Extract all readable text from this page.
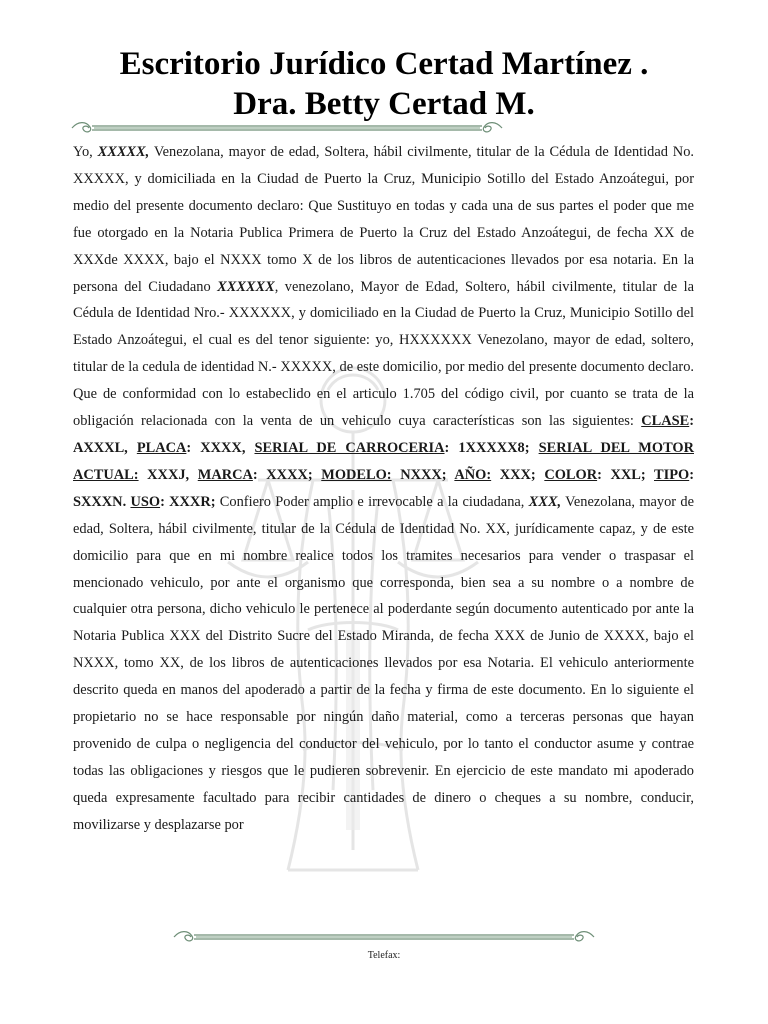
Escritorio Jurídico Certad Martínez .
Dra. Betty Certad M.
Yo, XXXXX, Venezolana, mayor de edad, Soltera, hábil civilmente, titular de la Cédula de Identidad No. XXXXX, y domiciliada en la Ciudad de Puerto la Cruz, Municipio Sotillo del Estado Anzoátegui, por medio del presente documento declaro: Que Sustituyo en todas y cada una de sus partes el poder que me fue otorgado en la Notaria Publica Primera de Puerto la Cruz del Estado Anzoátegui, de fecha XX de XXXde XXXX, bajo el NXXX tomo X de los libros de autenticaciones llevados por esa notaria. En la persona del Ciudadano XXXXXX, venezolano, Mayor de Edad, Soltero, hábil civilmente, titular de la Cédula de Identidad Nro.- XXXXXX, y domiciliado en la Ciudad de Puerto la Cruz, Municipio Sotillo del Estado Anzoátegui, el cual es del tenor siguiente: yo, HXXXXXX Venezolano, mayor de edad, soltero, titular de la cedula de identidad N.- XXXXX, de este domicilio, por medio del presente documento declaro. Que de conformidad con lo estabeclido en el articulo 1.705 del código civil, por cuanto se trata de la obligación relacionada con la venta de un vehiculo cuya características son las siguientes: CLASE: AXXXL, PLACA: XXXX, SERIAL DE CARROCERIA: 1XXXXX8; SERIAL DEL MOTOR ACTUAL: XXXJ, MARCA: XXXX; MODELO: NXXX; AÑO: XXX; COLOR: XXL; TIPO: SXXXN. USO: XXXR; Confiero Poder amplio e irrevocable a la ciudadana, XXX, Venezolana, mayor de edad, Soltera, hábil civilmente, titular de la Cédula de Identidad No. XX, jurídicamente capaz, y de este domicilio para que en mi nombre realice todos los tramites necesarios para vender o traspasar el mencionado vehiculo, por ante el organismo que corresponda, bien sea a su nombre o a nombre de cualquier otra persona, dicho vehiculo le pertenece al poderdante según documento autenticado por ante la Notaria Publica XXX del Distrito Sucre del Estado Miranda, de fecha XXX de Junio de XXXX, bajo el NXXX, tomo XX, de los libros de autenticaciones llevados por esa Notaria. El vehiculo anteriormente descrito queda en manos del apoderado a partir de la fecha y firma de este documento. En lo siguiente el propietario no se hace responsable por ningún daño material, como a terceras personas que hayan provenido de culpa o negligencia del conductor del vehiculo, por lo tanto el conductor asume y contrae todas las obligaciones y riesgos que le pudieren sobrevenir. En ejercicio de este mandato mi apoderado queda expresamente facultado para recibir cantidades de dinero o cheques a su nombre, conducir, movilizarse y desplazarse por
Telefax:
